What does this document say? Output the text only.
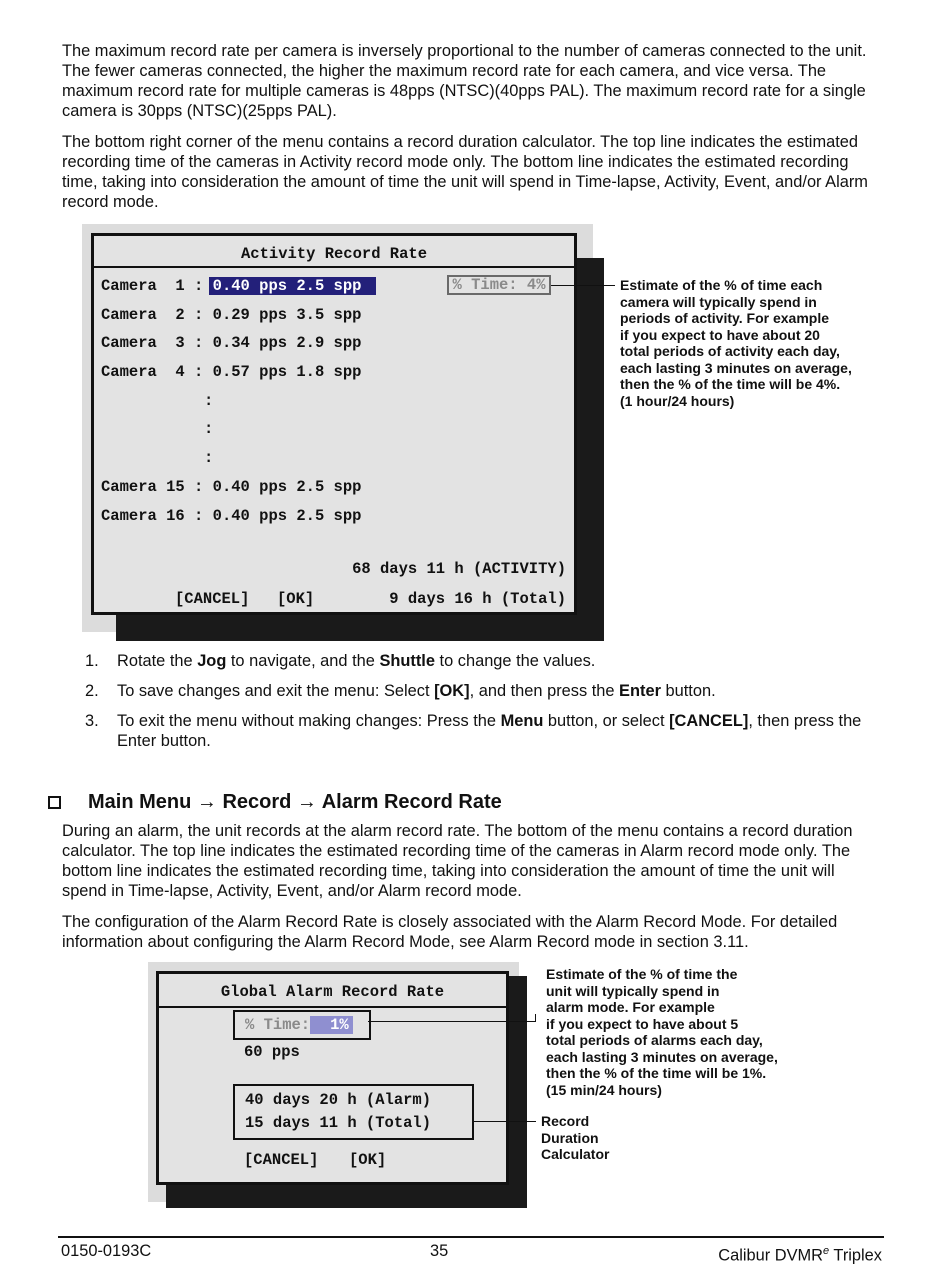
The maximum record rate per camera is inversely proportional to the number of cameras connected to the unit. The fewer cameras connected, the higher the maximum record rate for each camera, and vice versa. The maximum record rate for multiple cameras is 48pps (NTSC)(40pps PAL). The maximum record rate for a single camera is 30pps (NTSC)(25pps PAL).

The bottom right corner of the menu contains a record duration calculator. The top line indicates the estimated recording time of the cameras in Activity record mode only. The bottom line indicates the estimated recording time, taking into consideration the amount of time the unit will spend in Time-lapse, Activity, Event, and/or Alarm record mode.

Activity Record Rate
Camera  1 : 0.40 pps 2.5 spp	% Time: 4%
Camera  2 : 0.29 pps 3.5 spp
Camera  3 : 0.34 pps 2.9 spp
Camera  4 : 0.57 pps 1.8 spp
:
:
:
Camera 15 : 0.40 pps 2.5 spp
Camera 16 : 0.40 pps 2.5 spp
68 days 11 h (ACTIVITY)
[CANCEL] [OK]	9 days 16 h (Total)
Estimate of the % of time each
camera will typically spend in
periods of activity. For example
if you expect to have about 20
total periods of activity each day,
each lasting 3 minutes on average,
then the % of the time will be 4%.
(1 hour/24 hours)
1. Rotate the Jog to navigate, and the Shuttle to change the values.
2. To save changes and exit the menu: Select [OK], and then press the Enter button.
3. To exit the menu without making changes: Press the Menu button, or select [CANCEL], then press the Enter button.
Main Menu → Record → Alarm Record Rate

During an alarm, the unit records at the alarm record rate. The bottom of the menu contains a record duration calculator. The top line indicates the estimated recording time of the cameras in Alarm record mode only. The bottom line indicates the estimated recording time, taking into consideration the amount of time the unit will spend in Time-lapse, Activity, Event, and/or Alarm record mode.

The configuration of the Alarm Record Rate is closely associated with the Alarm Record Mode. For detailed information about configuring the Alarm Record Mode, see Alarm Record mode in section 3.11.

Global Alarm Record Rate
% Time: 1%
60 pps
40 days 20 h (Alarm)
15 days 11 h (Total)
[CANCEL] [OK]
Estimate of the % of time the
unit will typically spend in
alarm mode. For example
if you expect to have about 5
total periods of alarms each day,
each lasting 3 minutes on average,
then the % of the time will be 1%.
(15 min/24 hours)
Record
Duration
Calculator
0150-0193C	35	Calibur DVMR$^e$ Triplex
